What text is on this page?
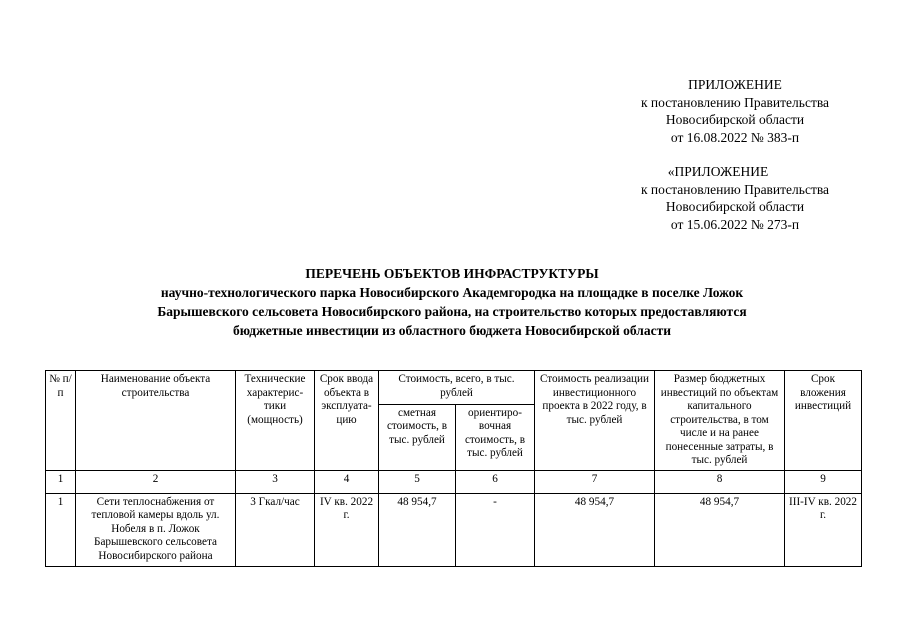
ПРИЛОЖЕНИЕ
к постановлению Правительства
Новосибирской области
от 16.08.2022 № 383-п
«ПРИЛОЖЕНИЕ
к постановлению Правительства
Новосибирской области
от 15.06.2022 № 273-п
ПЕРЕЧЕНЬ ОБЪЕКТОВ ИНФРАСТРУКТУРЫ
научно-технологического парка Новосибирского Академгородка на площадке в поселке Ложок
Барышевского сельсовета Новосибирского района, на строительство которых предоставляются
бюджетные инвестиции из областного бюджета Новосибирской области
№ п/п	Наименование объекта строительства	Технические характерис-тики (мощность)	Срок ввода объекта в эксплуата-цию	Стоимость, всего, в тыс. рублей		Стоимость реализации инвестиционного проекта в 2022 году, в тыс. рублей	Размер бюджетных инвестиций по объектам капитального строительства, в том числе и на ранее понесенные затраты, в тыс. рублей	Срок вложения инвестиций
				сметная стоимость, в тыс. рублей	ориентиро-вочная стоимость, в тыс. рублей			
1	2	3	4	5	6	7	8	9
1	Сети теплоснабжения от тепловой камеры вдоль ул. Нобеля в п. Ложок Барышевского сельсовета Новосибирского района	3 Гкал/час	IV кв. 2022 г.	48 954,7	-	48 954,7	48 954,7	III-IV кв. 2022 г.
